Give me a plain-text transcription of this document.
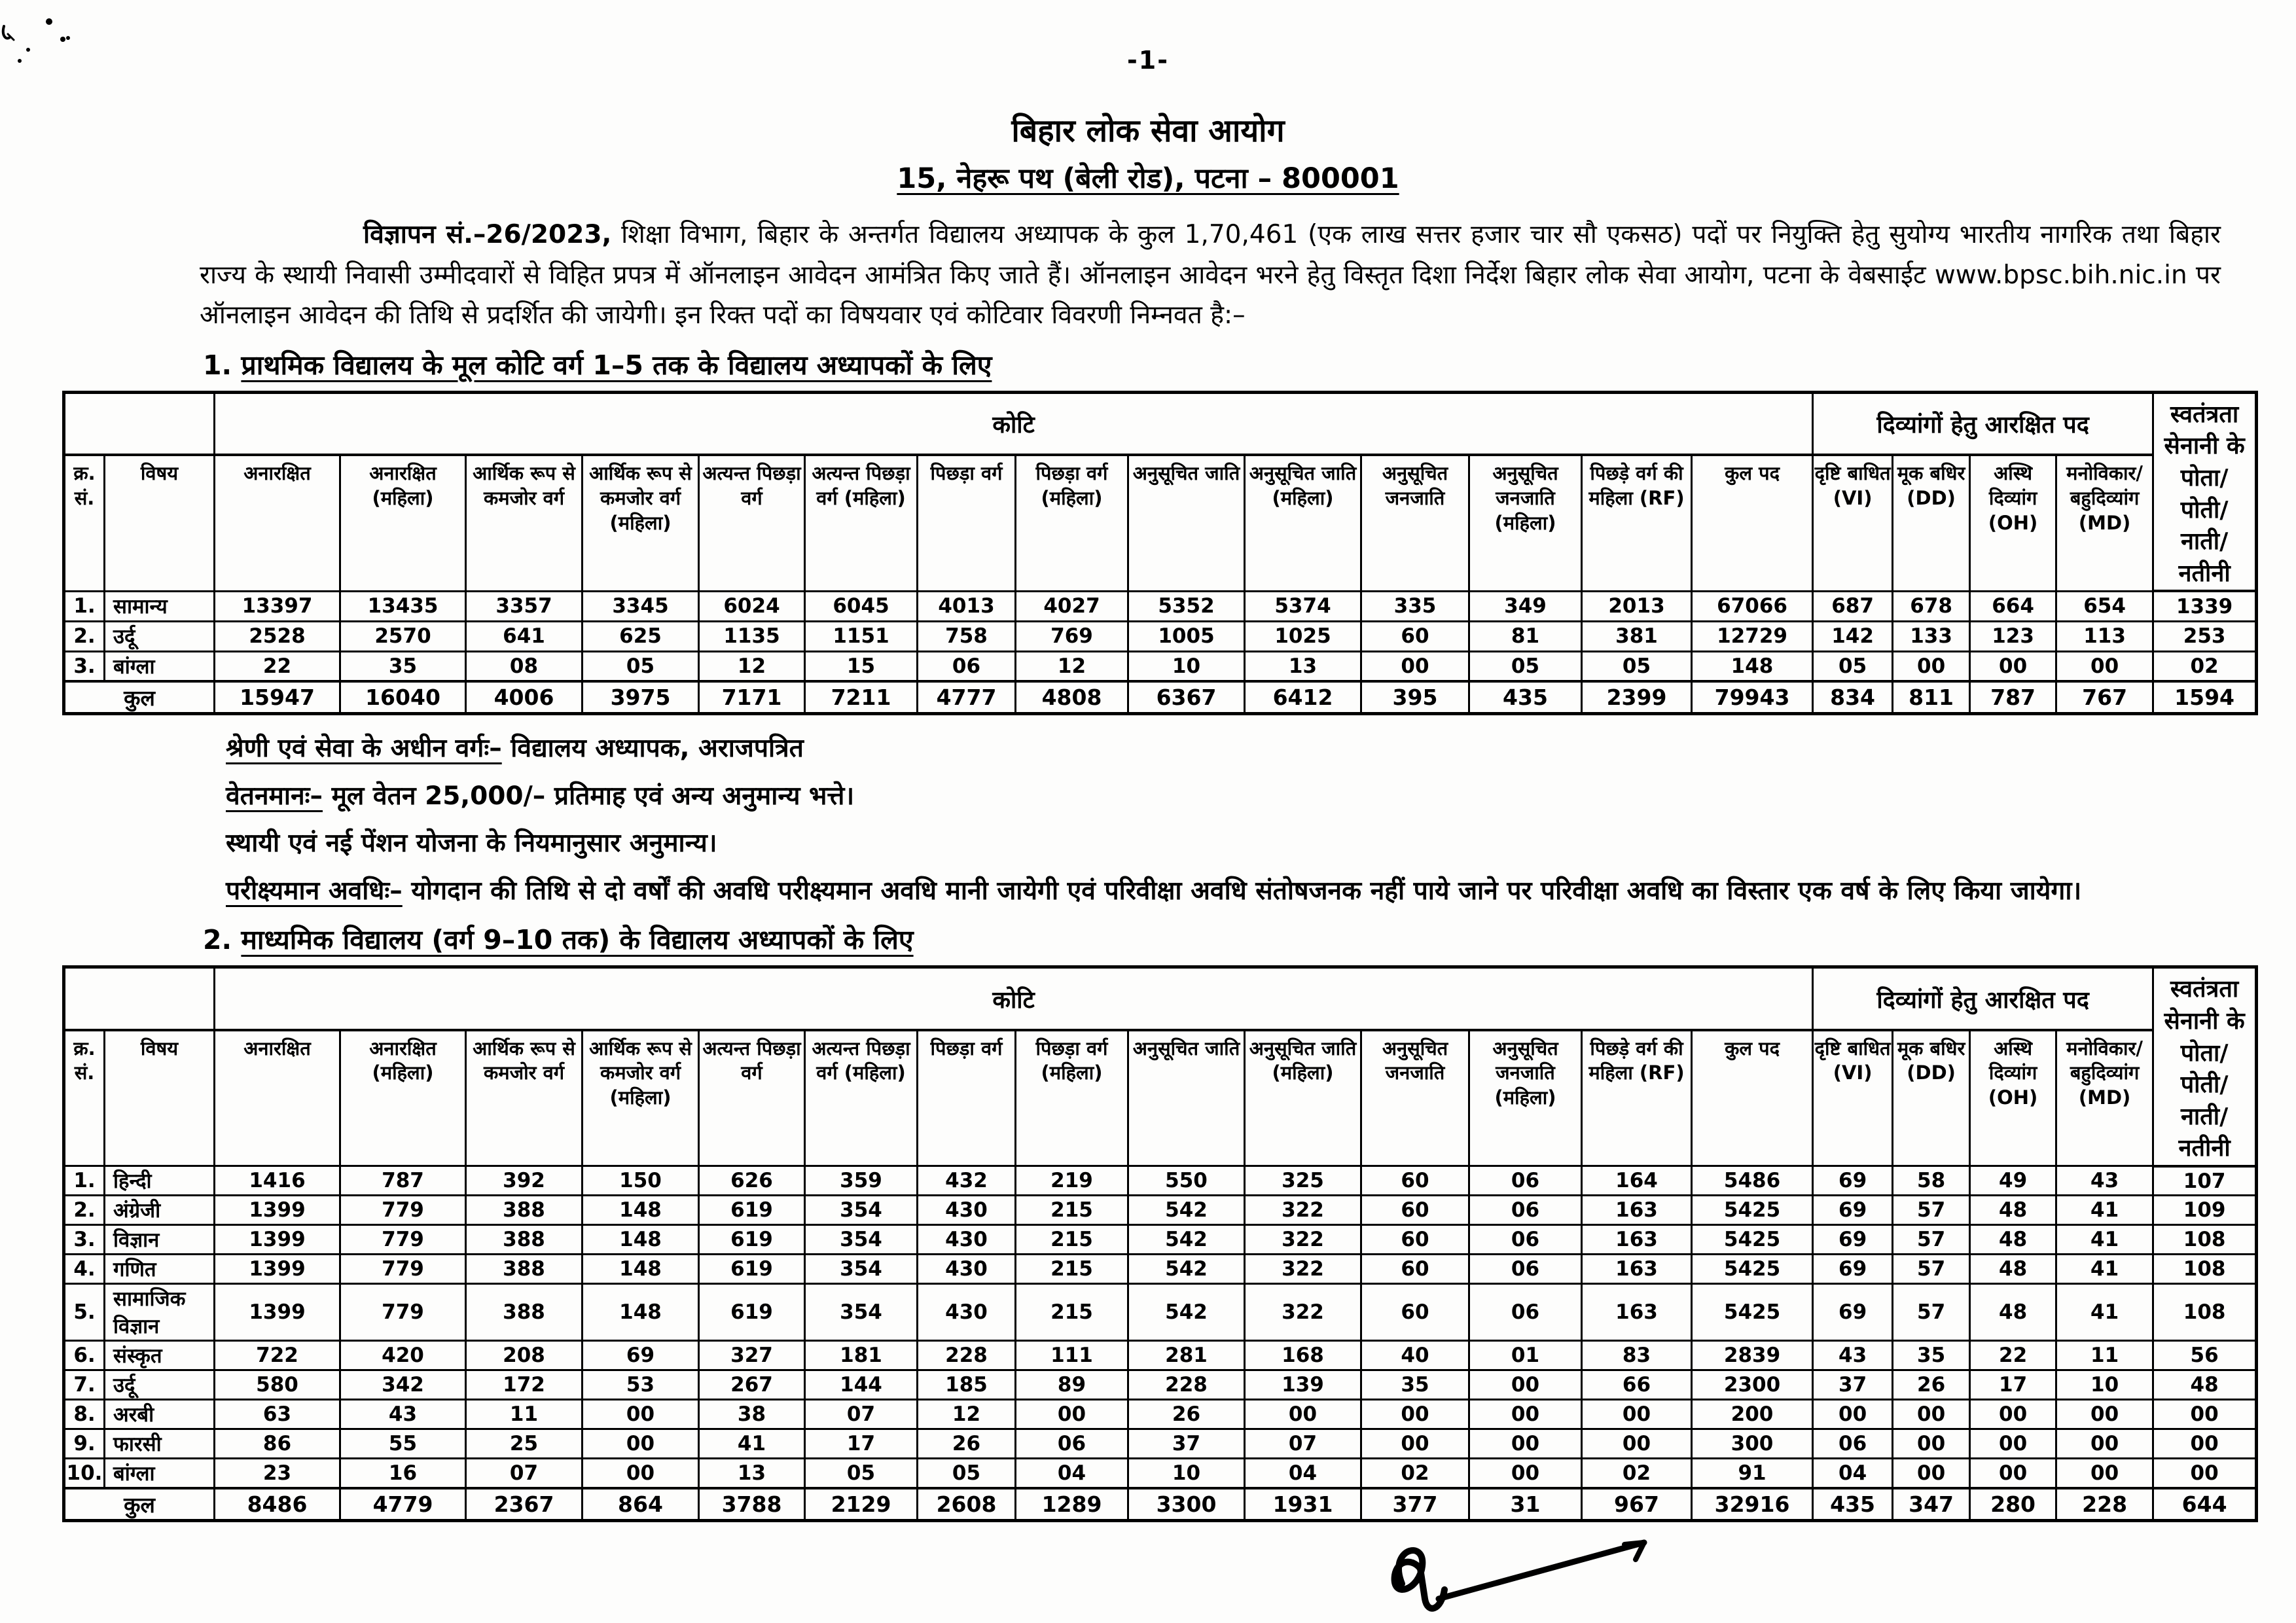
-1-
बिहार लोक सेवा आयोग
15, नेहरू पथ (बेली रोड), पटना – 800001

विज्ञापन सं.–26/2023, शिक्षा विभाग, बिहार के अन्तर्गत विद्यालय अध्यापक के कुल 1,70,461 (एक लाख सत्तर हजार चार सौ एकसठ) पदों पर नियुक्ति हेतु सुयोग्य भारतीय नागरिक तथा बिहार राज्य के स्थायी निवासी उम्मीदवारों से विहित प्रपत्र में ऑनलाइन आवेदन आमंत्रित किए जाते हैं। ऑनलाइन आवेदन भरने हेतु विस्तृत दिशा निर्देश बिहार लोक सेवा आयोग, पटना के वेबसाईट www.bpsc.bih.nic.in पर ऑनलाइन आवेदन की तिथि से प्रदर्शित की जायेगी। इन रिक्त पदों का विषयवार एवं कोटिवार विवरणी निम्नवत है:–

1. प्राथमिक विद्यालय के मूल कोटि वर्ग 1–5 तक के विद्यालय अध्यापकों के लिए
		कोटि														दिव्यांगों हेतु आरक्षित पद				स्वतंत्रता सेनानी के पोता/ पोती/ नाती/ नतीनी
क्र. सं.	विषय	अनारक्षित	अनारक्षित (महिला)	आर्थिक रूप से कमजोर वर्ग	आर्थिक रूप से कमजोर वर्ग (महिला)	अत्यन्त पिछड़ा वर्ग	अत्यन्त पिछड़ा वर्ग (महिला)	पिछड़ा वर्ग	पिछड़ा वर्ग (महिला)	अनुसूचित जाति	अनुसूचित जाति (महिला)	अनुसूचित जनजाति	अनुसूचित जनजाति (महिला)	पिछड़े वर्ग की महिला (RF)	कुल पद	दृष्टि बाधित (VI)	मूक बधिर (DD)	अस्थि दिव्यांग (OH)	मनोविकार/ बहुदिव्यांग (MD)	
1.	सामान्य	13397	13435	3357	3345	6024	6045	4013	4027	5352	5374	335	349	2013	67066	687	678	664	654	1339
2.	उर्दू	2528	2570	641	625	1135	1151	758	769	1005	1025	60	81	381	12729	142	133	123	113	253
3.	बांग्ला	22	35	08	05	12	15	06	12	10	13	00	05	05	148	05	00	00	00	02
कुल		15947	16040	4006	3975	7171	7211	4777	4808	6367	6412	395	435	2399	79943	834	811	787	767	1594
श्रेणी एवं सेवा के अधीन वर्गः– विद्यालय अध्यापक, अराजपत्रित
वेतनमानः– मूल वेतन 25,000/– प्रतिमाह एवं अन्य अनुमान्य भत्ते।
स्थायी एवं नई पेंशन योजना के नियमानुसार अनुमान्य।
परीक्ष्यमान अवधिः– योगदान की तिथि से दो वर्षों की अवधि परीक्ष्यमान अवधि मानी जायेगी एवं परिवीक्षा अवधि संतोषजनक नहीं पाये जाने पर परिवीक्षा अवधि का विस्तार एक वर्ष के लिए किया जायेगा।
2. माध्यमिक विद्यालय (वर्ग 9–10 तक) के विद्यालय अध्यापकों के लिए
		कोटि														दिव्यांगों हेतु आरक्षित पद				स्वतंत्रता सेनानी के पोता/ पोती/ नाती/ नतीनी
क्र. सं.	विषय	अनारक्षित	अनारक्षित (महिला)	आर्थिक रूप से कमजोर वर्ग	आर्थिक रूप से कमजोर वर्ग (महिला)	अत्यन्त पिछड़ा वर्ग	अत्यन्त पिछड़ा वर्ग (महिला)	पिछड़ा वर्ग	पिछड़ा वर्ग (महिला)	अनुसूचित जाति	अनुसूचित जाति (महिला)	अनुसूचित जनजाति	अनुसूचित जनजाति (महिला)	पिछड़े वर्ग की महिला (RF)	कुल पद	दृष्टि बाधित (VI)	मूक बधिर (DD)	अस्थि दिव्यांग (OH)	मनोविकार/ बहुदिव्यांग (MD)	
1.	हिन्दी	1416	787	392	150	626	359	432	219	550	325	60	06	164	5486	69	58	49	43	107
2.	अंग्रेजी	1399	779	388	148	619	354	430	215	542	322	60	06	163	5425	69	57	48	41	109
3.	विज्ञान	1399	779	388	148	619	354	430	215	542	322	60	06	163	5425	69	57	48	41	108
4.	गणित	1399	779	388	148	619	354	430	215	542	322	60	06	163	5425	69	57	48	41	108
5.	सामाजिक विज्ञान	1399	779	388	148	619	354	430	215	542	322	60	06	163	5425	69	57	48	41	108
6.	संस्कृत	722	420	208	69	327	181	228	111	281	168	40	01	83	2839	43	35	22	11	56
7.	उर्दू	580	342	172	53	267	144	185	89	228	139	35	00	66	2300	37	26	17	10	48
8.	अरबी	63	43	11	00	38	07	12	00	26	00	00	00	00	200	00	00	00	00	00
9.	फारसी	86	55	25	00	41	17	26	06	37	07	00	00	00	300	06	00	00	00	00
10.	बांग्ला	23	16	07	00	13	05	05	04	10	04	02	00	02	91	04	00	00	00	00
कुल		8486	4779	2367	864	3788	2129	2608	1289	3300	1931	377	31	967	32916	435	347	280	228	644
